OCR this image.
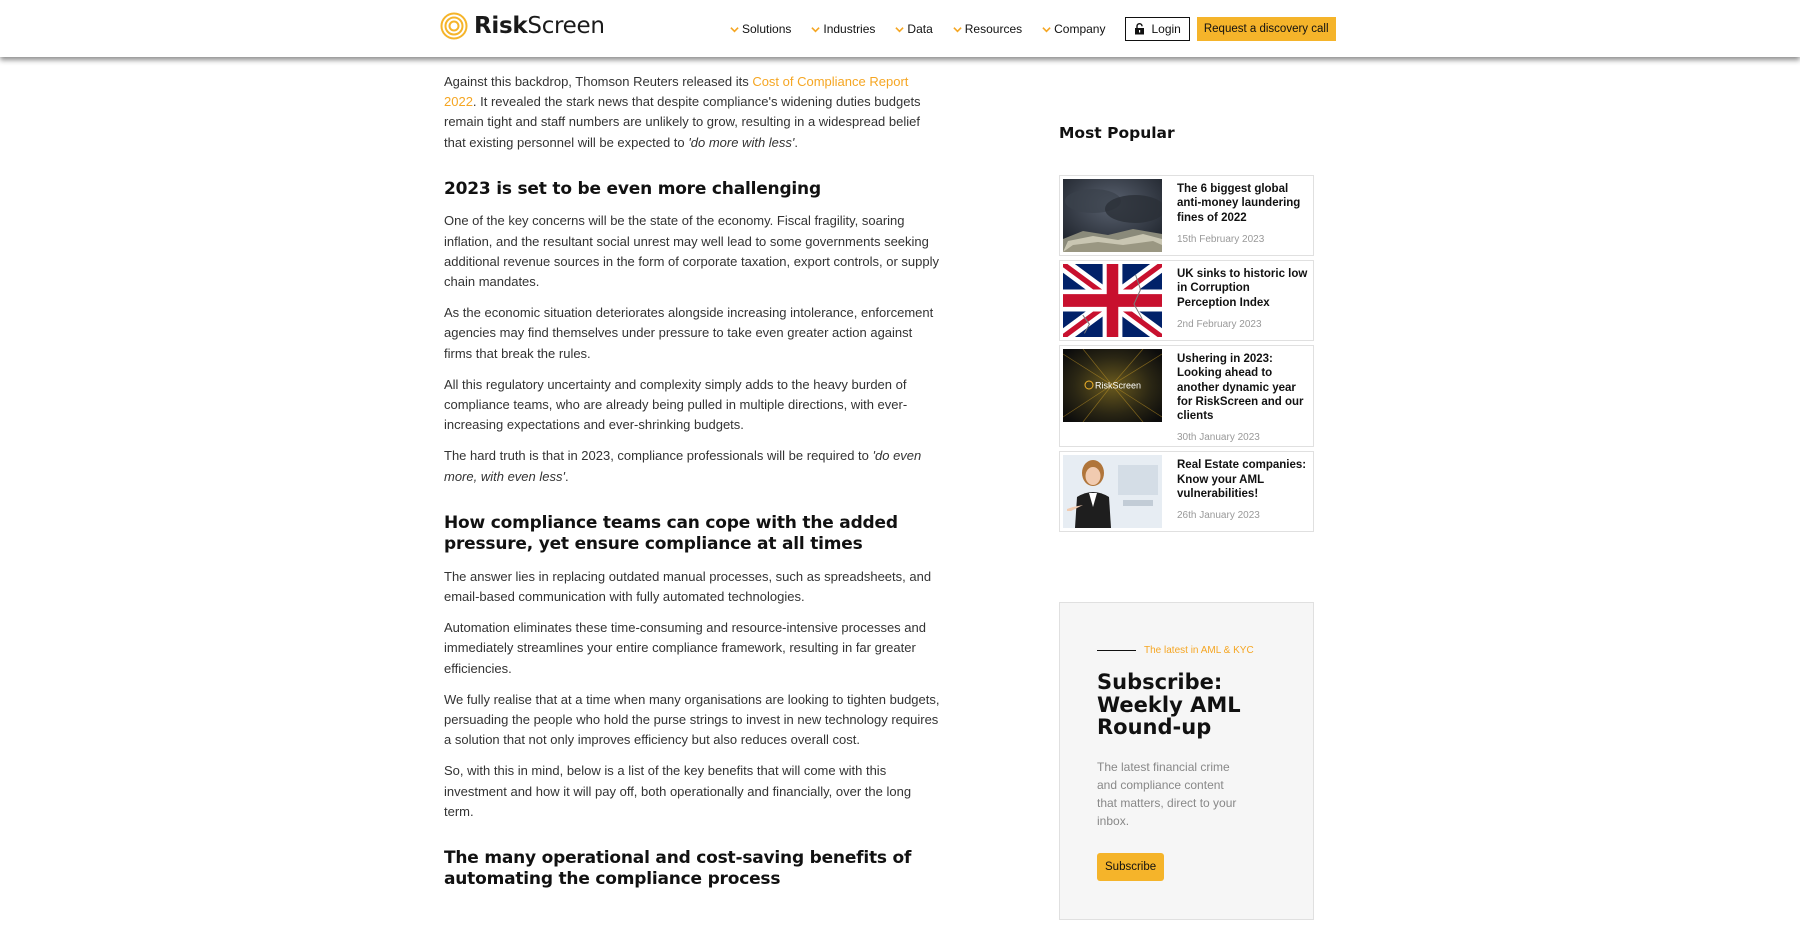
RiskScreen	Solutions	Industries	Data	Resources	Company	Login	Request a discovery call

Against this backdrop, Thomson Reuters released its Cost of Compliance Report 2022. It revealed the stark news that despite compliance's widening duties budgets remain tight and staff numbers are unlikely to grow, resulting in a widespread belief that existing personnel will be expected to 'do more with less'.

2023 is set to be even more challenging

One of the key concerns will be the state of the economy. Fiscal fragility, soaring inflation, and the resultant social unrest may well lead to some governments seeking additional revenue sources in the form of corporate taxation, export controls, or supply chain mandates.

As the economic situation deteriorates alongside increasing intolerance, enforcement agencies may find themselves under pressure to take even greater action against firms that break the rules.

All this regulatory uncertainty and complexity simply adds to the heavy burden of compliance teams, who are already being pulled in multiple directions, with ever-increasing expectations and ever-shrinking budgets.

The hard truth is that in 2023, compliance professionals will be required to 'do even more, with even less'.

How compliance teams can cope with the added pressure, yet ensure compliance at all times

The answer lies in replacing outdated manual processes, such as spreadsheets, and email-based communication with fully automated technologies.

Automation eliminates these time-consuming and resource-intensive processes and immediately streamlines your entire compliance framework, resulting in far greater efficiencies.

We fully realise that at a time when many organisations are looking to tighten budgets, persuading the people who hold the purse strings to invest in new technology requires a solution that not only improves efficiency but also reduces overall cost.

So, with this in mind, below is a list of the key benefits that will come with this investment and how it will pay off, both operationally and financially, over the long term.

The many operational and cost-saving benefits of automating the compliance process
Most Popular
The 6 biggest global anti-money laundering fines of 2022
15th February 2023
UK sinks to historic low in Corruption Perception Index
2nd February 2023
RiskScreen
Ushering in 2023: Looking ahead to another dynamic year for RiskScreen and our clients
30th January 2023
Real Estate companies: Know your AML vulnerabilities!
26th January 2023
The latest in AML & KYC
Subscribe: Weekly AML Round-up
The latest financial crime and compliance content that matters, direct to your inbox.
Subscribe
